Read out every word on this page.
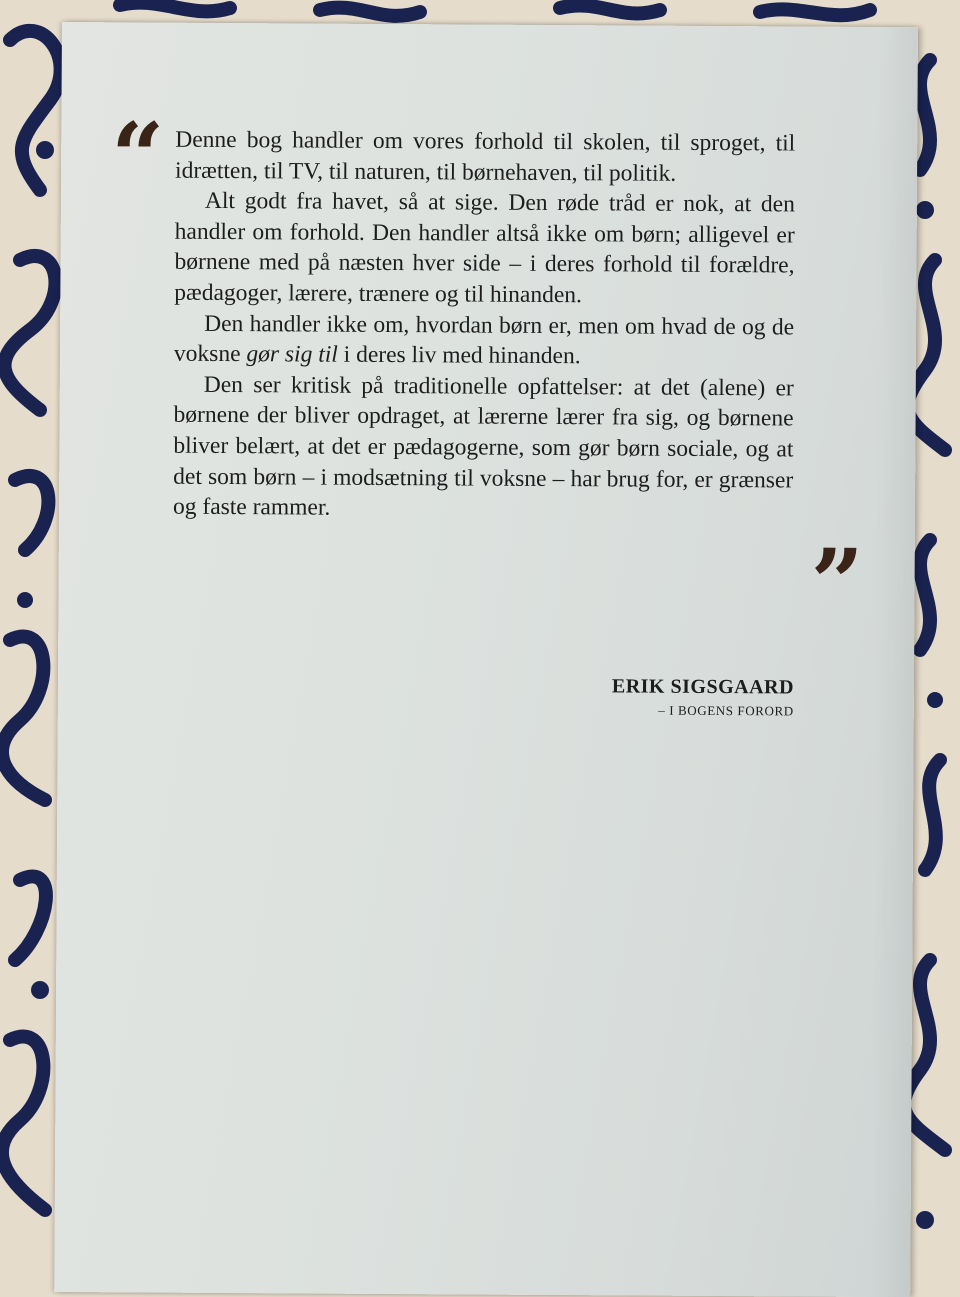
“ Denne bog handler om vores forhold til skolen, til sproget, til idrætten, til TV, til naturen, til børnehaven, til politik.

Alt godt fra havet, så at sige. Den røde tråd er nok, at den handler om forhold. Den handler altså ikke om børn; alligevel er børnene med på næsten hver side – i deres forhold til forældre, pædagoger, lærere, trænere og til hinanden.

Den handler ikke om, hvordan børn er, men om hvad de og de voksne gør sig til i deres liv med hinanden.

Den ser kritisk på traditionelle opfattelser: at det (alene) er børnene der bliver opdraget, at lærerne lærer fra sig, og børnene bliver belært, at det er pædagogerne, som gør børn sociale, og at det som børn – i modsætning til voksne – har brug for, er grænser og faste rammer.

”
ERIK SIGSGAARD
– I BOGENS FORORD
